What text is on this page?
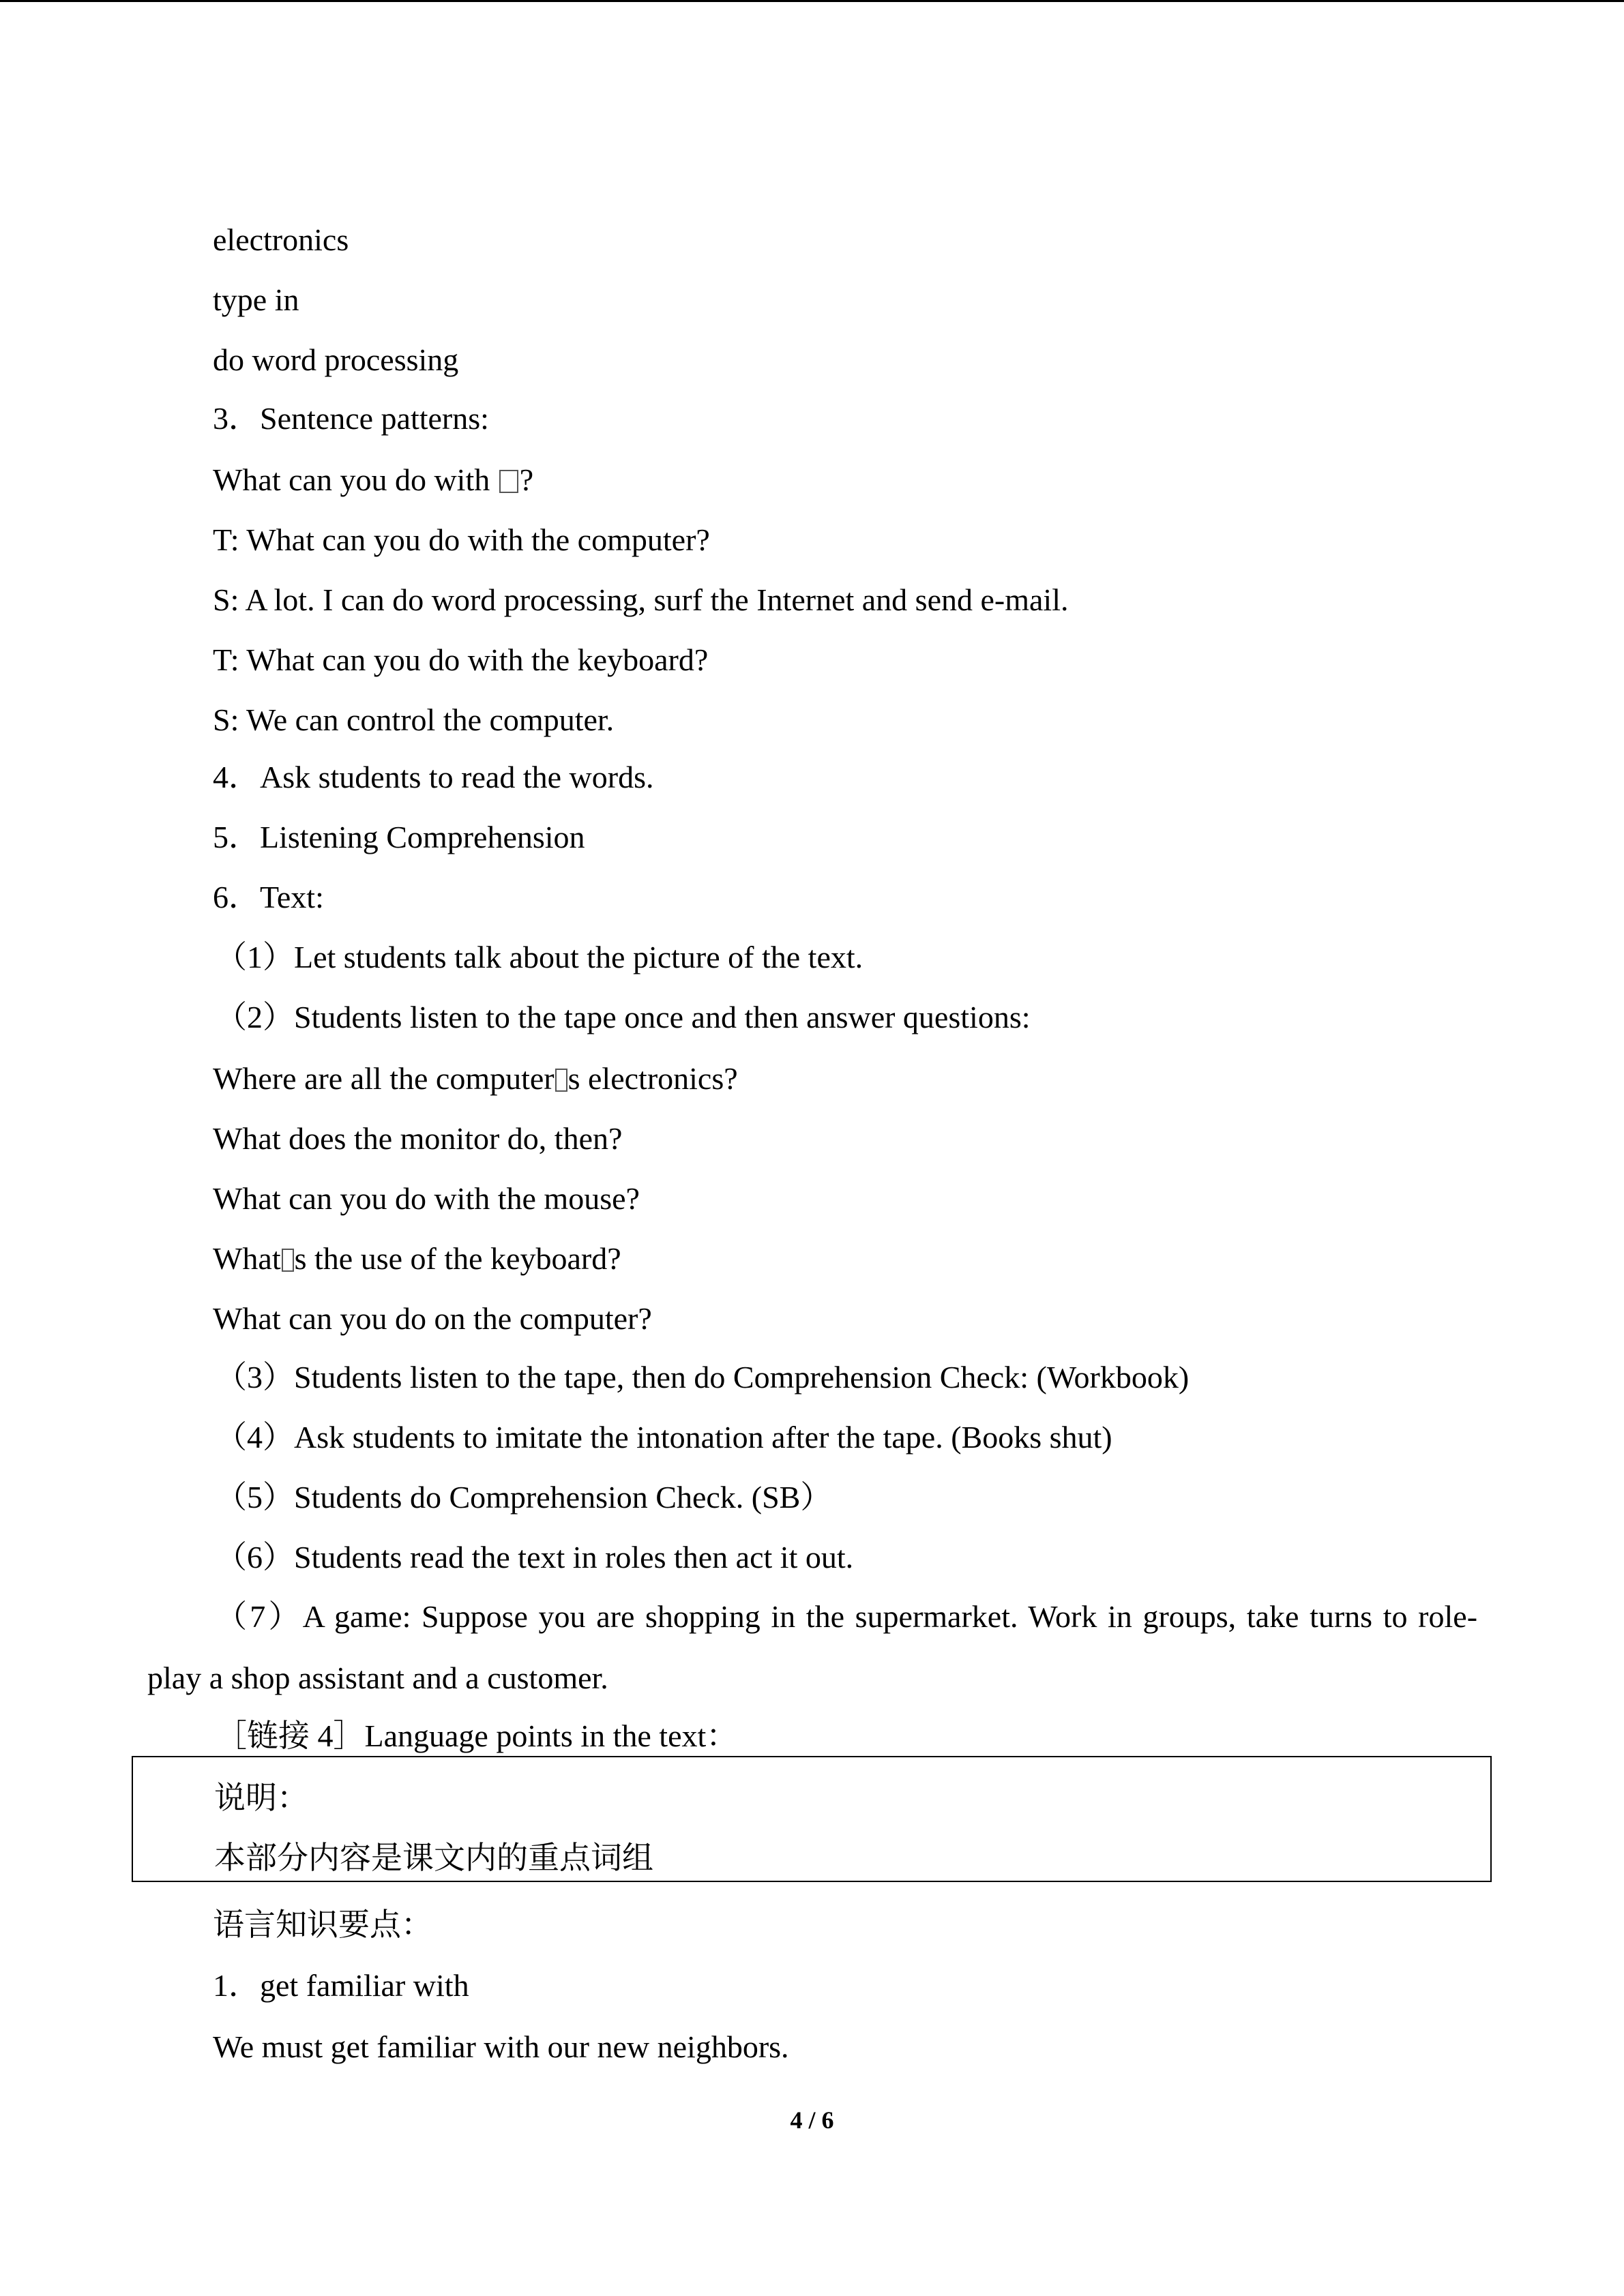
electronics
type in
do word processing
3．Sentence patterns:
What can you do with ?
T: What can you do with the computer?
S: A lot. I can do word processing, surf the Internet and send e-mail.
T: What can you do with the keyboard?
S: We can control the computer.
4．Ask students to read the words.
5．Listening Comprehension
6．Text:
（1）Let students talk about the picture of the text.
（2）Students listen to the tape once and then answer questions:
Where are all the computer s electronics?
What does the monitor do, then?
What can you do with the mouse?
What s the use of the keyboard?
What can you do on the computer?
（3）Students listen to the tape, then do Comprehension Check: (Workbook)
（4）Ask students to imitate the intonation after the tape. (Books shut)
（5）Students do Comprehension Check. (SB）
（6）Students read the text in roles then act it out.
（7）A game: Suppose you are shopping in the supermarket. Work in groups, take turns to role-play a shop assistant and a customer.
［链接 4］Language points in the text：
说明：
本部分内容是课文内的重点词组
语言知识要点：
1．get familiar with
We must get familiar with our new neighbors.
4 / 6
